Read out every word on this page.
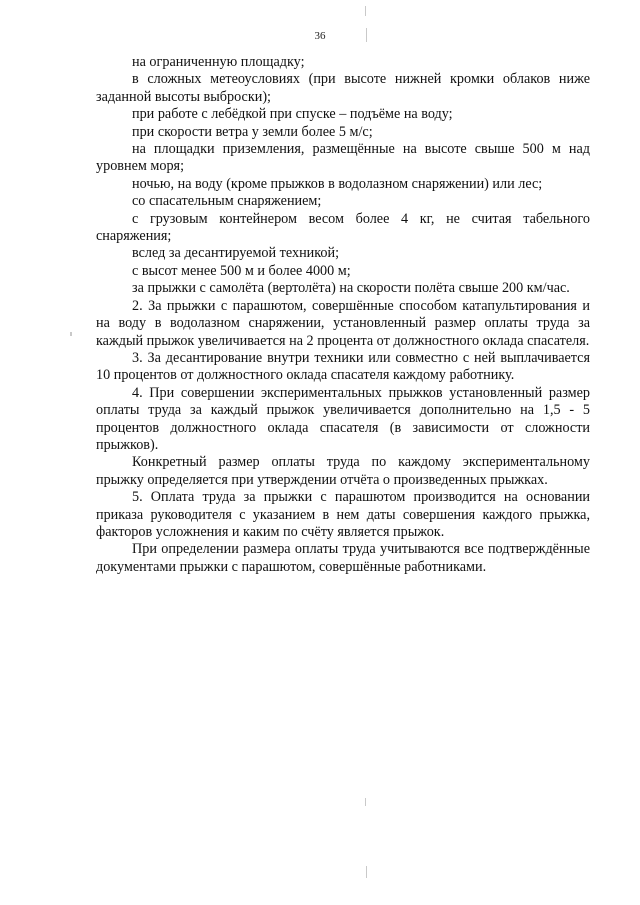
36

на ограниченную площадку;

в сложных метеоусловиях (при высоте нижней кромки облаков ниже заданной высоты выброски);

при работе с лебёдкой при спуске – подъёме на воду;

при скорости ветра у земли более 5 м/с;

на площадки приземления, размещённые на высоте свыше 500 м над уровнем моря;

ночью, на воду (кроме прыжков в водолазном снаряжении) или лес;

со спасательным снаряжением;

с грузовым контейнером весом более 4 кг, не считая табельного снаряжения;

вслед за десантируемой техникой;

с высот менее 500 м и более 4000 м;

за прыжки с самолёта (вертолёта) на скорости полёта свыше 200 км/час.

2. За прыжки с парашютом, совершённые способом катапультирования и на воду в водолазном снаряжении, установленный размер оплаты труда за каждый прыжок увеличивается на 2 процента от должностного оклада спасателя.

3. За десантирование внутри техники или совместно с ней выплачивается 10 процентов от должностного оклада спасателя каждому работнику.

4. При совершении экспериментальных прыжков установленный размер оплаты труда за каждый прыжок увеличивается дополнительно на 1,5 - 5 процентов должностного оклада спасателя (в зависимости от сложности прыжков).

Конкретный размер оплаты труда по каждому экспериментальному прыжку определяется при утверждении отчёта о произведенных прыжках.

5. Оплата труда за прыжки с парашютом производится на основании приказа руководителя с указанием в нем даты совершения каждого прыжка, факторов усложнения и каким по счёту является прыжок.

При определении размера оплаты труда учитываются все подтверждённые документами прыжки с парашютом, совершённые работниками.
